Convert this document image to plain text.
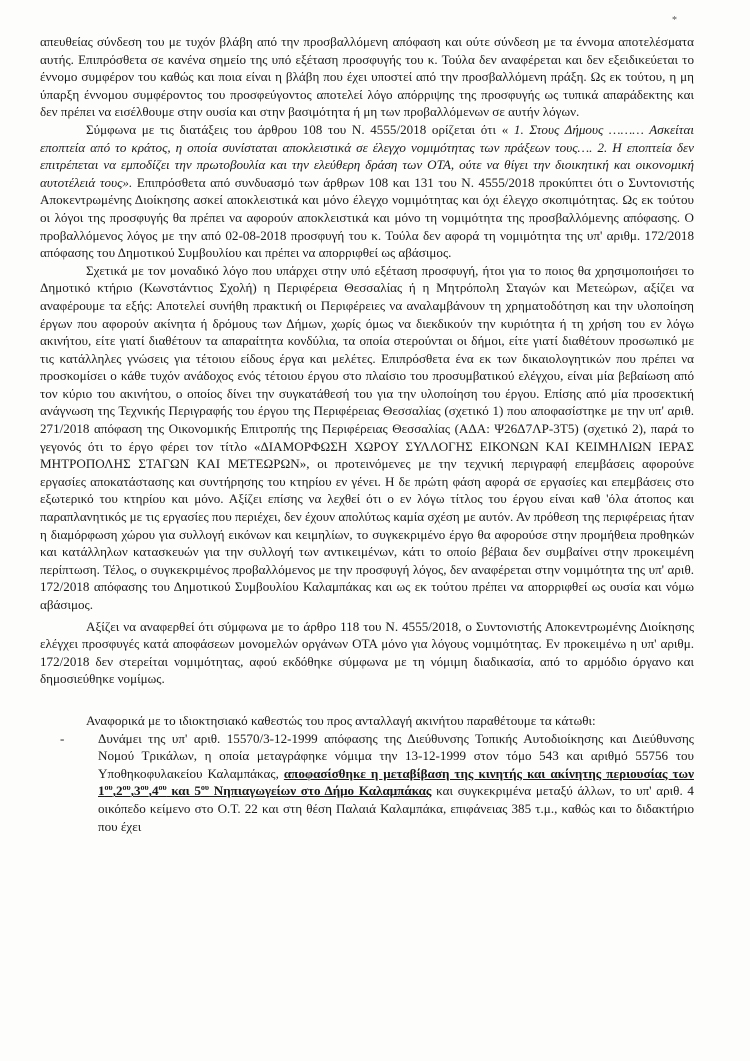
*

απευθείας σύνδεση του με τυχόν βλάβη από την προσβαλλόμενη απόφαση και ούτε σύνδεση με τα έννομα αποτελέσματα αυτής. Επιπρόσθετα σε κανένα σημείο της υπό εξέταση προσφυγής του κ. Τούλα δεν αναφέρεται και δεν εξειδικεύεται το έννομο συμφέρον του καθώς και ποια είναι η βλάβη που έχει υποστεί από την προσβαλλόμενη πράξη. Ως εκ τούτου, η μη ύπαρξη έννομου συμφέροντος του προσφεύγοντος αποτελεί λόγο απόρριψης της προσφυγής ως τυπικά απαράδεκτης και δεν πρέπει να εισέλθουμε στην ουσία και στην βασιμότητα ή μη των προβαλλόμενων σε αυτήν λόγων.

Σύμφωνα με τις διατάξεις του άρθρου 108 του Ν. 4555/2018 ορίζεται ότι « 1. Στους Δήμους ……… Ασκείται εποπτεία από το κράτος, η οποία συνίσταται αποκλειστικά σε έλεγχο νομιμότητας των πράξεων τους…. 2. Η εποπτεία δεν επιτρέπεται να εμποδίζει την πρωτοβουλία και την ελεύθερη δράση των ΟΤΑ, ούτε να θίγει την διοικητική και οικονομική αυτοτέλειά τους». Επιπρόσθετα από συνδυασμό των άρθρων 108 και 131 του Ν. 4555/2018 προκύπτει ότι ο Συντονιστής Αποκεντρωμένης Διοίκησης ασκεί αποκλειστικά και μόνο έλεγχο νομιμότητας και όχι έλεγχο σκοπιμότητας. Ως εκ τούτου οι λόγοι της προσφυγής θα πρέπει να αφορούν αποκλειστικά και μόνο τη νομιμότητα της προσβαλλόμενης απόφασης. Ο προβαλλόμενος λόγος με την από 02-08-2018 προσφυγή του κ. Τούλα δεν αφορά τη νομιμότητα της υπ' αριθμ. 172/2018 απόφασης του Δημοτικού Συμβουλίου και πρέπει να απορριφθεί ως αβάσιμος.

Σχετικά με τον μοναδικό λόγο που υπάρχει στην υπό εξέταση προσφυγή, ήτοι για το ποιος θα χρησιμοποιήσει το Δημοτικό κτήριο (Κωνστάντιος Σχολή) η Περιφέρεια Θεσσαλίας ή η Μητρόπολη Σταγών και Μετεώρων, αξίζει να αναφέρουμε τα εξής: Αποτελεί συνήθη πρακτική οι Περιφέρειες να αναλαμβάνουν τη χρηματοδότηση και την υλοποίηση έργων που αφορούν ακίνητα ή δρόμους των Δήμων, χωρίς όμως να διεκδικούν την κυριότητα ή τη χρήση του εν λόγω ακινήτου, είτε γιατί διαθέτουν τα απαραίτητα κονδύλια, τα οποία στερούνται οι δήμοι, είτε γιατί διαθέτουν προσωπικό με τις κατάλληλες γνώσεις για τέτοιου είδους έργα και μελέτες. Επιπρόσθετα ένα εκ των δικαιολογητικών που πρέπει να προσκομίσει ο κάθε τυχόν ανάδοχος ενός τέτοιου έργου στο πλαίσιο του προσυμβατικού ελέγχου, είναι μία βεβαίωση από τον κύριο του ακινήτου, ο οποίος δίνει την συγκατάθεσή του για την υλοποίηση του έργου. Επίσης από μία προσεκτική ανάγνωση της Τεχνικής Περιγραφής του έργου της Περιφέρειας Θεσσαλίας (σχετικό 1) που αποφασίστηκε με την υπ' αριθ. 271/2018 απόφαση της Οικονομικής Επιτροπής της Περιφέρειας Θεσσαλίας (ΑΔΑ: Ψ26Δ7ΛΡ-3Τ5) (σχετικό 2), παρά το γεγονός ότι το έργο φέρει τον τίτλο «ΔΙΑΜΟΡΦΩΣΗ ΧΩΡΟΥ ΣΥΛΛΟΓΗΣ ΕΙΚΟΝΩΝ ΚΑΙ ΚΕΙΜΗΛΙΩΝ ΙΕΡΑΣ ΜΗΤΡΟΠΟΛΗΣ ΣΤΑΓΩΝ ΚΑΙ ΜΕΤΕΩΡΩΝ», οι προτεινόμενες με την τεχνική περιγραφή επεμβάσεις αφορούνε εργασίες αποκατάστασης και συντήρησης του κτηρίου εν γένει. Η δε πρώτη φάση αφορά σε εργασίες και επεμβάσεις στο εξωτερικό του κτηρίου και μόνο. Αξίζει επίσης να λεχθεί ότι ο εν λόγω τίτλος του έργου είναι καθ 'όλα άτοπος και παραπλανητικός με τις εργασίες που περιέχει, δεν έχουν απολύτως καμία σχέση με αυτόν. Αν πρόθεση της περιφέρειας ήταν η διαμόρφωση χώρου για συλλογή εικόνων και κειμηλίων, το συγκεκριμένο έργο θα αφορούσε στην προμήθεια προθηκών και κατάλληλων κατασκευών για την συλλογή των αντικειμένων, κάτι το οποίο βέβαια δεν συμβαίνει στην προκειμένη περίπτωση. Τέλος, ο συγκεκριμένος προβαλλόμενος με την προσφυγή λόγος, δεν αναφέρεται στην νομιμότητα της υπ' αριθ. 172/2018 απόφασης του Δημοτικού Συμβουλίου Καλαμπάκας και ως εκ τούτου πρέπει να απορριφθεί ως ουσία και νόμω αβάσιμος.

Αξίζει να αναφερθεί ότι σύμφωνα με το άρθρο 118 του Ν. 4555/2018, ο Συντονιστής Αποκεντρωμένης Διοίκησης ελέγχει προσφυγές κατά αποφάσεων μονομελών οργάνων ΟΤΑ μόνο για λόγους νομιμότητας. Εν προκειμένω η υπ' αριθμ. 172/2018 δεν στερείται νομιμότητας, αφού εκδόθηκε σύμφωνα με τη νόμιμη διαδικασία, από το αρμόδιο όργανο και δημοσιεύθηκε νομίμως.

Αναφορικά με το ιδιοκτησιακό καθεστώς του προς ανταλλαγή ακινήτου παραθέτουμε τα κάτωθι:

-	Δυνάμει της υπ' αριθ. 15570/3-12-1999 απόφασης της Διεύθυνσης Τοπικής Αυτοδιοίκησης και Διεύθυνσης Νομού Τρικάλων, η οποία μεταγράφηκε νόμιμα την 13-12-1999 στον τόμο 543 και αριθμό 55756 του Υποθηκοφυλακείου Καλαμπάκας, αποφασίσθηκε η μεταβίβαση της κινητής και ακίνητης περιουσίας των $1^{o\upsilon},2^{o\upsilon},3^{o\upsilon},4^{o\upsilon}$ και $5^{o\upsilon}$ Νηπιαγωγείων στο Δήμο Καλαμπάκας και συγκεκριμένα μεταξύ άλλων, το υπ' αριθ. 4 οικόπεδο κείμενο στο Ο.Τ. 22 και στη θέση Παλαιά Καλαμπάκα, επιφάνειας 385 τ.μ., καθώς και το διδακτήριο που έχει
